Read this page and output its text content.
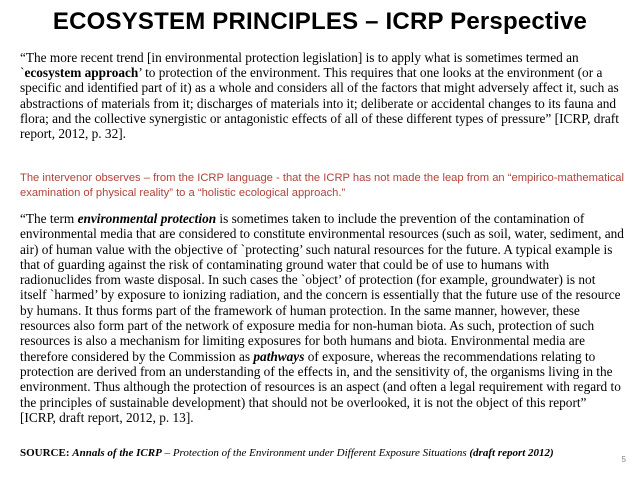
ECOSYSTEM PRINCIPLES – ICRP Perspective
“The more recent trend [in environmental protection legislation] is to apply what is sometimes termed an `ecosystem approach’ to protection of the environment. This requires that one looks at the environment (or a specific and identified part of it) as a whole and considers all of the factors that might adversely affect it, such as abstractions of materials from it; discharges of materials into it; deliberate or accidental changes to its fauna and flora; and the collective synergistic or antagonistic effects of all of these different types of pressure” [ICRP, draft report, 2012, p. 32].
The intervenor observes – from the ICRP language - that the ICRP has not made the leap from an “empirico-mathematical examination of physical reality” to a “holistic ecological approach.”
“The term environmental protection is sometimes taken to include the prevention of the contamination of environmental media that are considered to constitute environmental resources (such as soil, water, sediment, and air) of human value with the objective of `protecting’ such natural resources for the future. A typical example is that of guarding against the risk of contaminating ground water that could be of use to humans with radionuclides from waste disposal. In such cases the `object’ of protection (for example, groundwater) is not itself `harmed’ by exposure to ionizing radiation, and the concern is essentially that the future use of the resource by humans. It thus forms part of the framework of human protection. In the same manner, however, these resources also form part of the network of exposure media for non-human biota. As such, protection of such resources is also a mechanism for limiting exposures for both humans and biota. Environmental media are therefore considered by the Commission as pathways of exposure, whereas the recommendations relating to protection are derived from an understanding of the effects in, and the sensitivity of, the organisms living in the environment. Thus although the protection of resources is an aspect (and often a legal requirement with regard to the principles of sustainable development) that should not be overlooked, it is not the object of this report” [ICRP, draft report, 2012, p. 13].
SOURCE: Annals of the ICRP – Protection of the Environment under Different Exposure Situations (draft report 2012)
5
